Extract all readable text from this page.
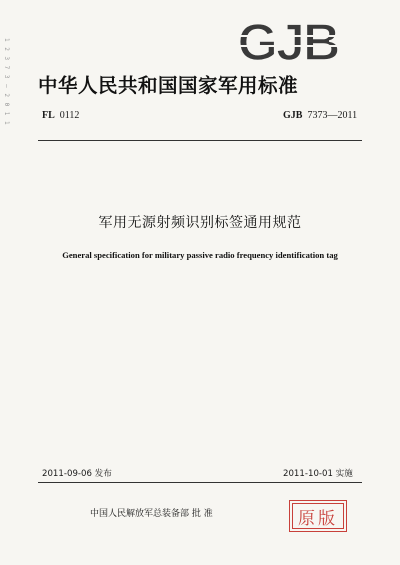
1 2 3 7 3 ― 2 0 1 1	GJB
中华人民共和国国家军用标准
FL 0112	GJB 7373—2011
军用无源射频识别标签通用规范
General specification for military passive radio frequency identification tag
2011-09-06 发布	2011-10-01 实施
中国人民解放军总装备部 批 准	原版
